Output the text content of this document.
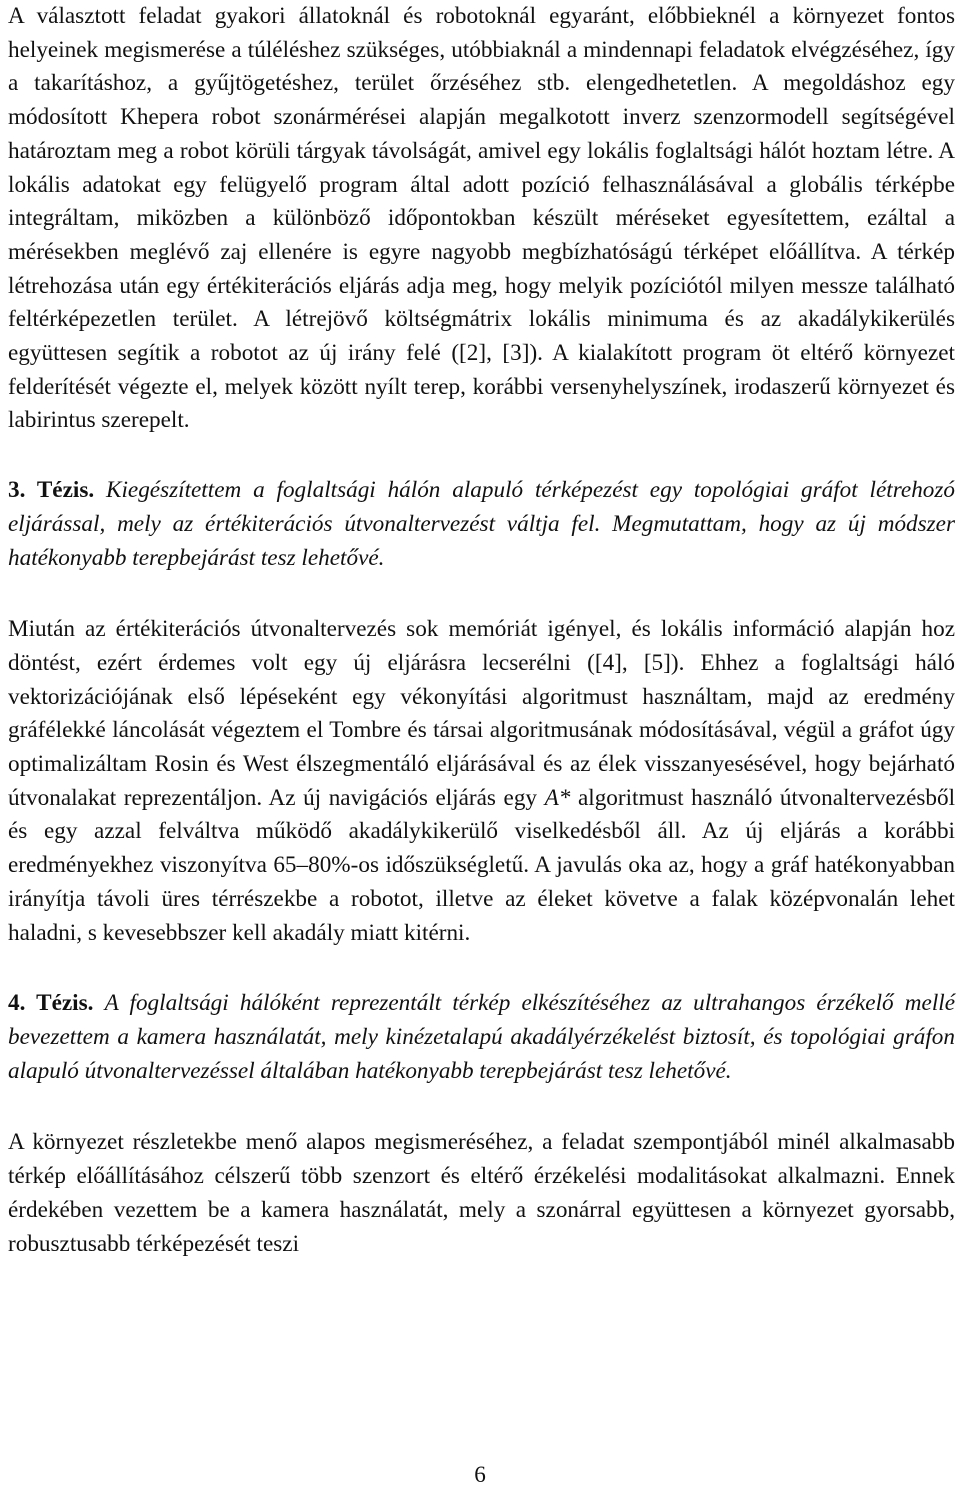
A választott feladat gyakori állatoknál és robotoknál egyaránt, előbbieknél a környezet fontos helyeinek megismerése a túléléshez szükséges, utóbbiaknál a mindennapi feladatok elvégzéséhez, így a takarításhoz, a gyűjtögetéshez, terület őrzéséhez stb. elengedhetetlen. A megoldáshoz egy módosított Khepera robot szonármérései alapján megalkotott inverz szenzormodell segítségével határoztam meg a robot körüli tárgyak távolságát, amivel egy lokális foglaltsági hálót hoztam létre. A lokális adatokat egy felügyelő program által adott pozíció felhasználásával a globális térképbe integráltam, miközben a különböző időpontokban készült méréseket egyesítettem, ezáltal a mérésekben meglévő zaj ellenére is egyre nagyobb megbízhatóságú térképet előállítva. A térkép létrehozása után egy értékiterációs eljárás adja meg, hogy melyik pozíciótól milyen messze található feltérképezetlen terület. A létrejövő költségmátrix lokális minimuma és az akadálykikerülés együttesen segítik a robotot az új irány felé ([2], [3]). A kialakított program öt eltérő környezet felderítését végezte el, melyek között nyílt terep, korábbi versenyhelyszínek, irodaszerű környezet és labirintus szerepelt.

3. Tézis. Kiegészítettem a foglaltsági hálón alapuló térképezést egy topológiai gráfot létrehozó eljárással, mely az értékiterációs útvonaltervezést váltja fel. Megmutattam, hogy az új módszer hatékonyabb terepbejárást tesz lehetővé.

Miután az értékiterációs útvonaltervezés sok memóriát igényel, és lokális információ alapján hoz döntést, ezért érdemes volt egy új eljárásra lecserélni ([4], [5]). Ehhez a foglaltsági háló vektorizációjának első lépéseként egy vékonyítási algoritmust használtam, majd az eredmény gráfélekké láncolását végeztem el Tombre és társai algoritmusának módosításával, végül a gráfot úgy optimalizáltam Rosin és West élszegmentáló eljárásával és az élek visszanyesésével, hogy bejárható útvonalakat reprezentáljon. Az új navigációs eljárás egy A* algoritmust használó útvonaltervezésből és egy azzal felváltva működő akadálykikerülő viselkedésből áll. Az új eljárás a korábbi eredményekhez viszonyítva 65–80%-os időszükségletű. A javulás oka az, hogy a gráf hatékonyabban irányítja távoli üres térrészekbe a robotot, illetve az éleket követve a falak középvonalán lehet haladni, s kevesebbszer kell akadály miatt kitérni.

4. Tézis. A foglaltsági hálóként reprezentált térkép elkészítéséhez az ultrahangos érzékelő mellé bevezettem a kamera használatát, mely kinézetalapú akadályérzékelést biztosít, és topológiai gráfon alapuló útvonaltervezéssel általában hatékonyabb terepbejárást tesz lehetővé.

A környezet részletekbe menő alapos megismeréséhez, a feladat szempontjából minél alkalmasabb térkép előállításához célszerű több szenzort és eltérő érzékelési modalitásokat alkalmazni. Ennek érdekében vezettem be a kamera használatát, mely a szonárral együttesen a környezet gyorsabb, robusztusabb térképezését teszi

6
